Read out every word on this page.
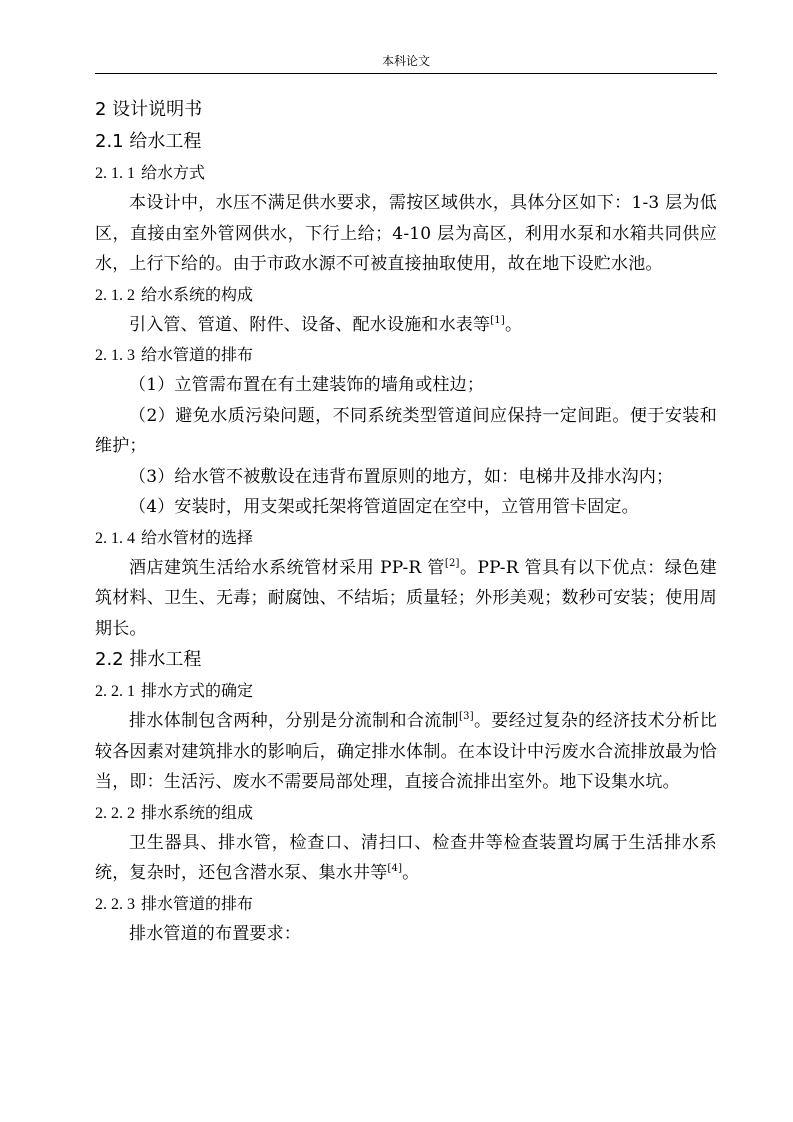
本科论文
2 设计说明书
2.1 给水工程
2. 1. 1 给水方式
本设计中，水压不满足供水要求，需按区域供水，具体分区如下：1-3 层为低区，直接由室外管网供水，下行上给；4-10 层为高区，利用水泵和水箱共同供应水，上行下给的。由于市政水源不可被直接抽取使用，故在地下设贮水池。
2. 1. 2 给水系统的构成
引入管、管道、附件、设备、配水设施和水表等[1]。
2. 1. 3 给水管道的排布
（1）立管需布置在有土建装饰的墙角或柱边；
（2）避免水质污染问题，不同系统类型管道间应保持一定间距。便于安装和维护；
（3）给水管不被敷设在违背布置原则的地方，如：电梯井及排水沟内；
（4）安装时，用支架或托架将管道固定在空中，立管用管卡固定。
2. 1. 4 给水管材的选择
酒店建筑生活给水系统管材采用 PP-R 管[2]。PP-R 管具有以下优点：绿色建筑材料、卫生、无毒；耐腐蚀、不结垢；质量轻；外形美观；数秒可安装；使用周期长。
2.2 排水工程
2. 2. 1 排水方式的确定
排水体制包含两种，分别是分流制和合流制[3]。要经过复杂的经济技术分析比较各因素对建筑排水的影响后，确定排水体制。在本设计中污废水合流排放最为恰当，即：生活污、废水不需要局部处理，直接合流排出室外。地下设集水坑。
2. 2. 2 排水系统的组成
卫生器具、排水管，检查口、清扫口、检查井等检查装置均属于生活排水系统，复杂时，还包含潜水泵、集水井等[4]。
2. 2. 3 排水管道的排布
排水管道的布置要求：
